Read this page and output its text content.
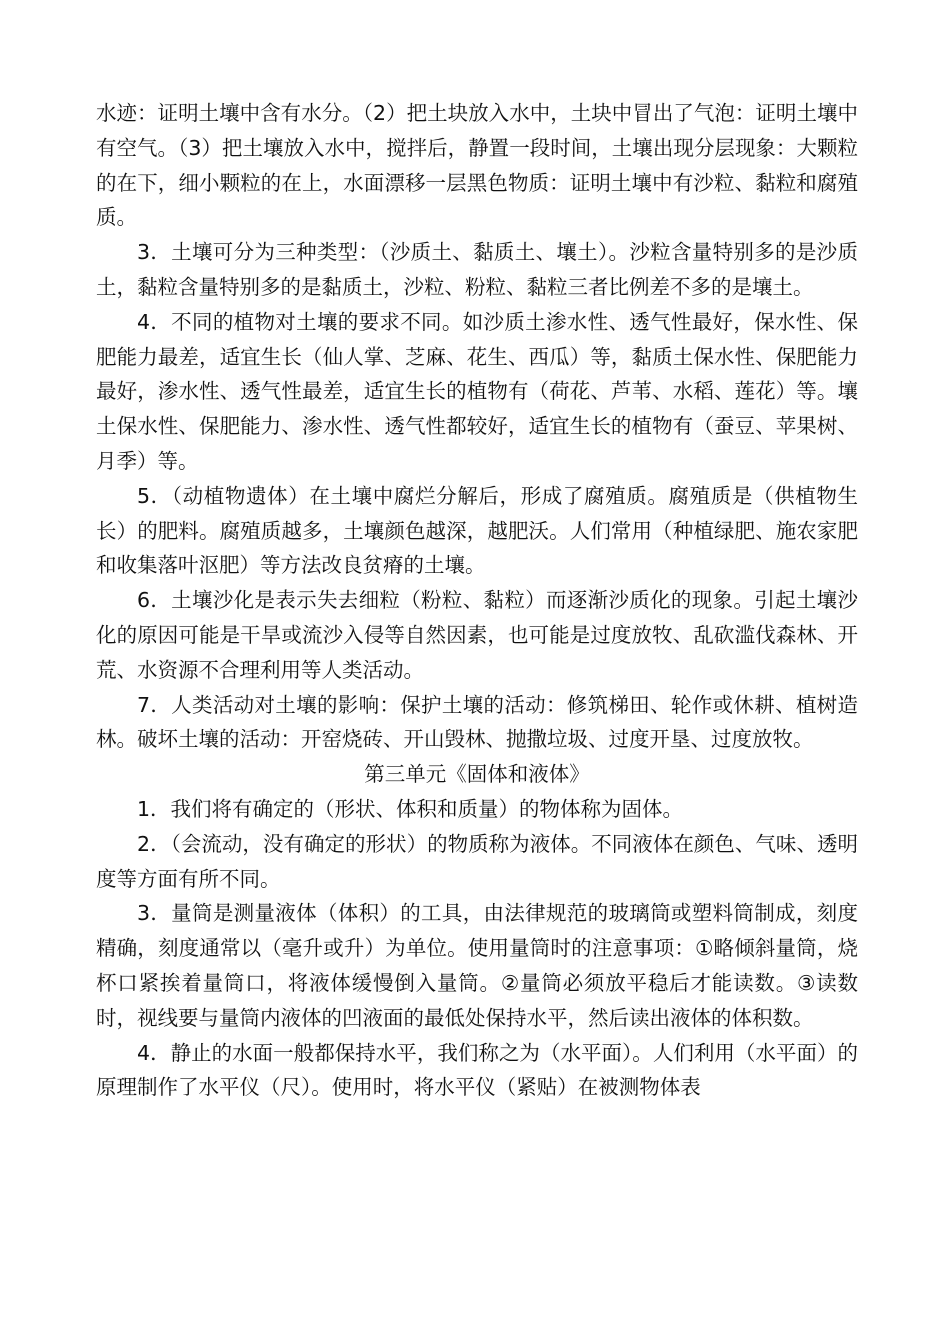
水迹：证明土壤中含有水分。（2）把土块放入水中，土块中冒出了气泡：证明土壤中有空气。（3）把土壤放入水中，搅拌后，静置一段时间，土壤出现分层现象：大颗粒的在下，细小颗粒的在上，水面漂移一层黑色物质：证明土壤中有沙粒、黏粒和腐殖质。

3．土壤可分为三种类型：（沙质土、黏质土、壤土）。沙粒含量特别多的是沙质土，黏粒含量特别多的是黏质土，沙粒、粉粒、黏粒三者比例差不多的是壤土。

4．不同的植物对土壤的要求不同。如沙质土渗水性、透气性最好，保水性、保肥能力最差，适宜生长（仙人掌、芝麻、花生、西瓜）等，黏质土保水性、保肥能力最好，渗水性、透气性最差，适宜生长的植物有（荷花、芦苇、水稻、莲花）等。壤土保水性、保肥能力、渗水性、透气性都较好，适宜生长的植物有（蚕豆、苹果树、月季）等。

5．（动植物遗体）在土壤中腐烂分解后，形成了腐殖质。腐殖质是（供植物生长）的肥料。腐殖质越多，土壤颜色越深，越肥沃。人们常用（种植绿肥、施农家肥和收集落叶沤肥）等方法改良贫瘠的土壤。

6．土壤沙化是表示失去细粒（粉粒、黏粒）而逐渐沙质化的现象。引起土壤沙化的原因可能是干旱或流沙入侵等自然因素，也可能是过度放牧、乱砍滥伐森林、开荒、水资源不合理利用等人类活动。

7．人类活动对土壤的影响：保护土壤的活动：修筑梯田、轮作或休耕、植树造林。破坏土壤的活动：开窑烧砖、开山毁林、抛撒垃圾、过度开垦、过度放牧。

第三单元《固体和液体》

1．我们将有确定的（形状、体积和质量）的物体称为固体。

2．（会流动，没有确定的形状）的物质称为液体。不同液体在颜色、气味、透明度等方面有所不同。

3．量筒是测量液体（体积）的工具，由法律规范的玻璃筒或塑料筒制成，刻度精确，刻度通常以（毫升或升）为单位。使用量筒时的注意事项：①略倾斜量筒，烧杯口紧挨着量筒口，将液体缓慢倒入量筒。②量筒必须放平稳后才能读数。③读数时，视线要与量筒内液体的凹液面的最低处保持水平，然后读出液体的体积数。

4．静止的水面一般都保持水平，我们称之为（水平面）。人们利用（水平面）的原理制作了水平仪（尺）。使用时，将水平仪（紧贴）在被测物体表
